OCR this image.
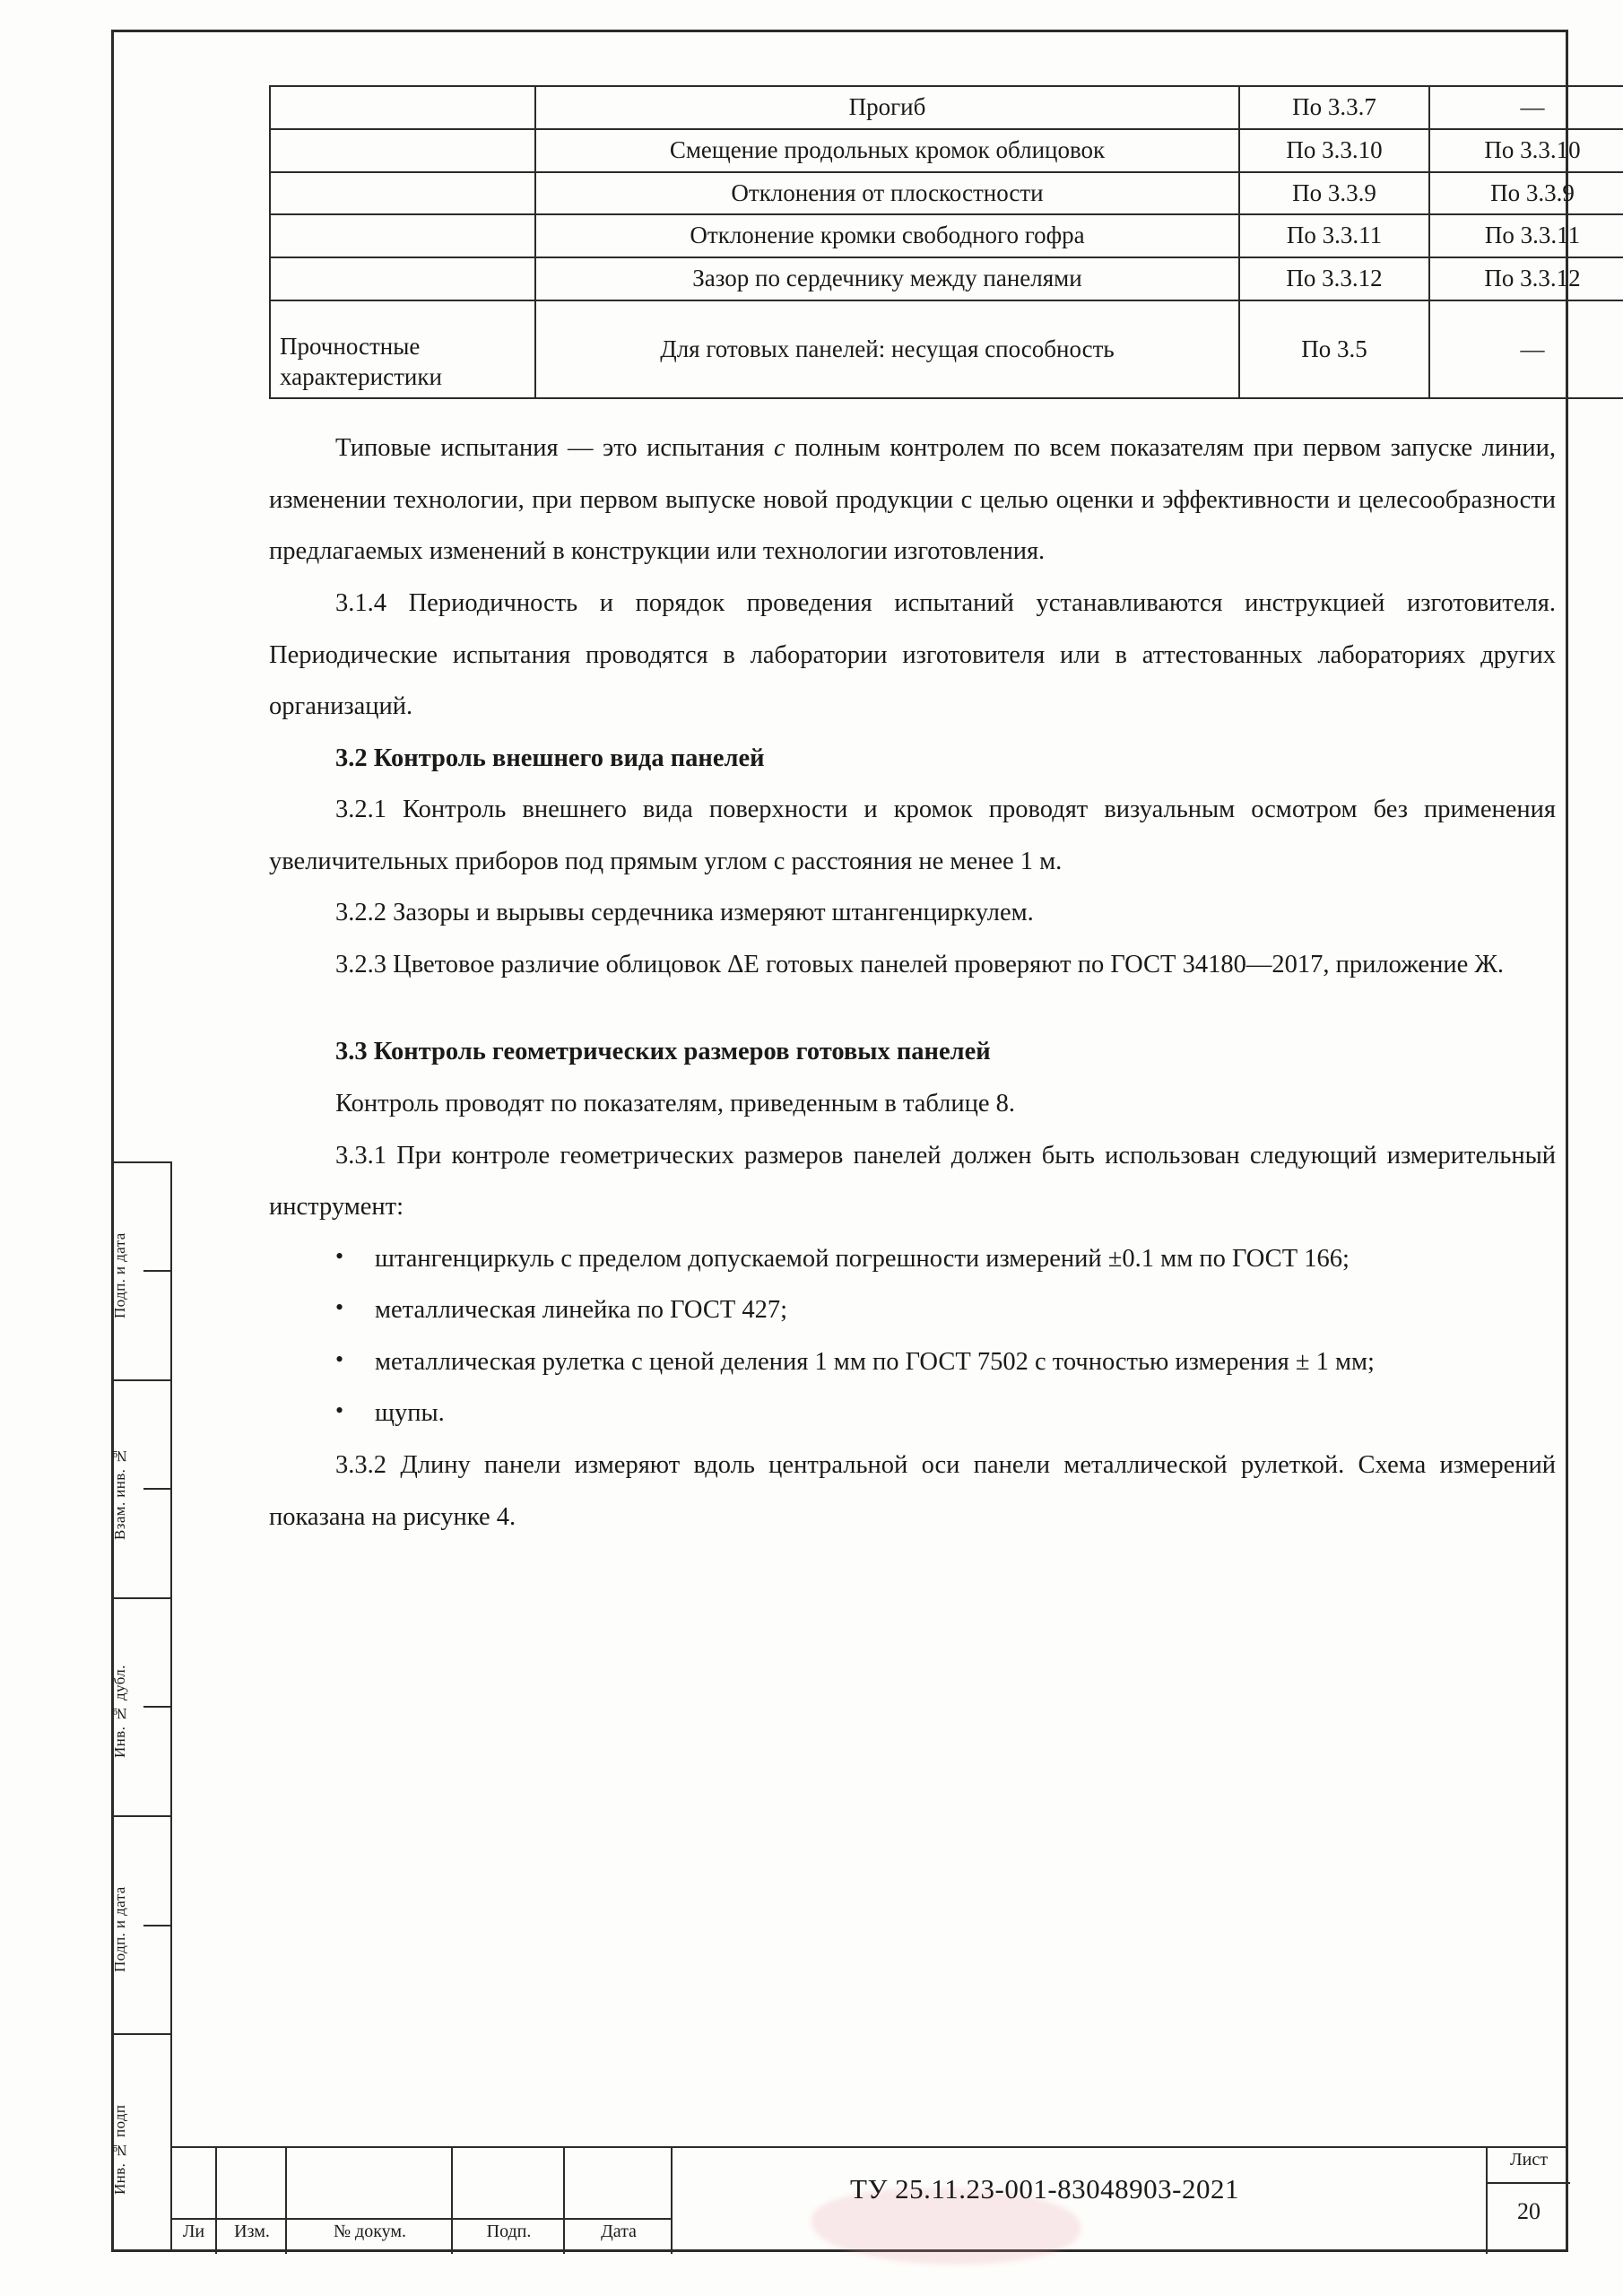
Подп. и дата
Взам. инв. №
Инв. № дубл.
Подп. и дата
Инв. № подп
	Прогиб	По 3.3.7	—
	Смещение продольных кромок облицовок	По 3.3.10	По 3.3.10
	Отклонения от плоскостности	По 3.3.9	По 3.3.9
	Отклонение кромки свободного гофра	По 3.3.11	По 3.3.11
	Зазор по сердечнику между панелями	По 3.3.12	По 3.3.12
Прочностные характеристики	Для готовых панелей: несущая способность	По 3.5	—

Типовые испытания — это испытания с полным контролем по всем показателям при первом запуске линии, изменении технологии, при первом выпуске новой продукции с целью оценки и эффективности и целесообразности предлагаемых изменений в конструкции или технологии изготовления.

3.1.4 Периодичность и порядок проведения испытаний устанавливаются инструкцией изготовителя. Периодические испытания проводятся в лаборатории изготовителя или в аттестованных лабораториях других организаций.

3.2 Контроль внешнего вида панелей

3.2.1 Контроль внешнего вида поверхности и кромок проводят визуальным осмотром без применения увеличительных приборов под прямым углом с расстояния не менее 1 м.

3.2.2 Зазоры и вырывы сердечника измеряют штангенциркулем.

3.2.3 Цветовое различие облицовок ΔЕ готовых панелей проверяют по ГОСТ 34180—2017, приложение Ж.

3.3 Контроль геометрических размеров готовых панелей

Контроль проводят по показателям, приведенным в таблице 8.

3.3.1 При контроле геометрических размеров панелей должен быть использован следующий измерительный инструмент:

• штангенциркуль с пределом допускаемой погрешности измерений ±0.1 мм по ГОСТ 166;
• металлическая линейка по ГОСТ 427;
• металлическая рулетка с ценой деления 1 мм по ГОСТ 7502 с точностью измерения ± 1 мм;
• щупы.

3.3.2 Длину панели измеряют вдоль центральной оси панели металлической рулеткой. Схема измерений показана на рисунке 4.

Ли	Изм.	№ докум.	Подп.	Дата
ТУ 25.11.23-001-83048903-2021
Лист
20
